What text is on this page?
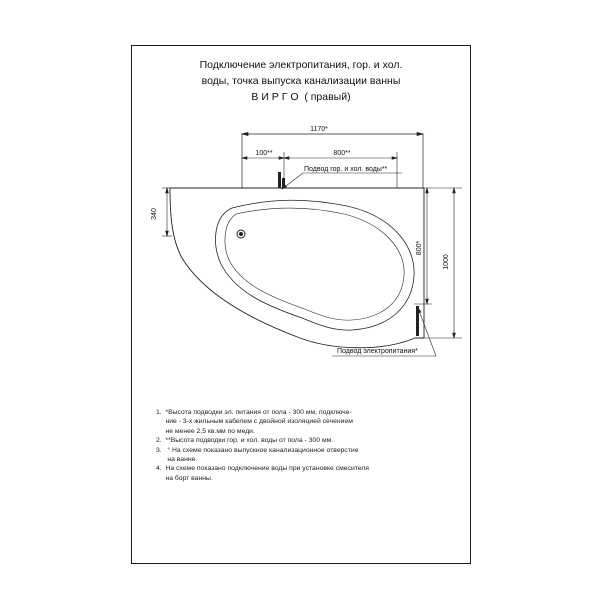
Подключение электропитания, гор. и хол.
воды, точка выпуска канализации ванны
В И Р Г О ( правый)
1170*
100**	800**
Подвод гор. и хол. воды**
340
800*
1000
Подвод электропитания*

1.  *Высота подводки эл. питания от пола - 300 мм, подключе-

ние - 3-х жильным кабелем с двойной изоляцией сечением

не менее 2,5 кв.мм по меди.

2.  **Высота подводки гор. и хол. воды от пола - 300 мм.

3.   ° На схеме показано выпускное канализационное отверстие

на ванне.

4.  На схеме показано подключение воды при установке смесителя

на борт ванны.
